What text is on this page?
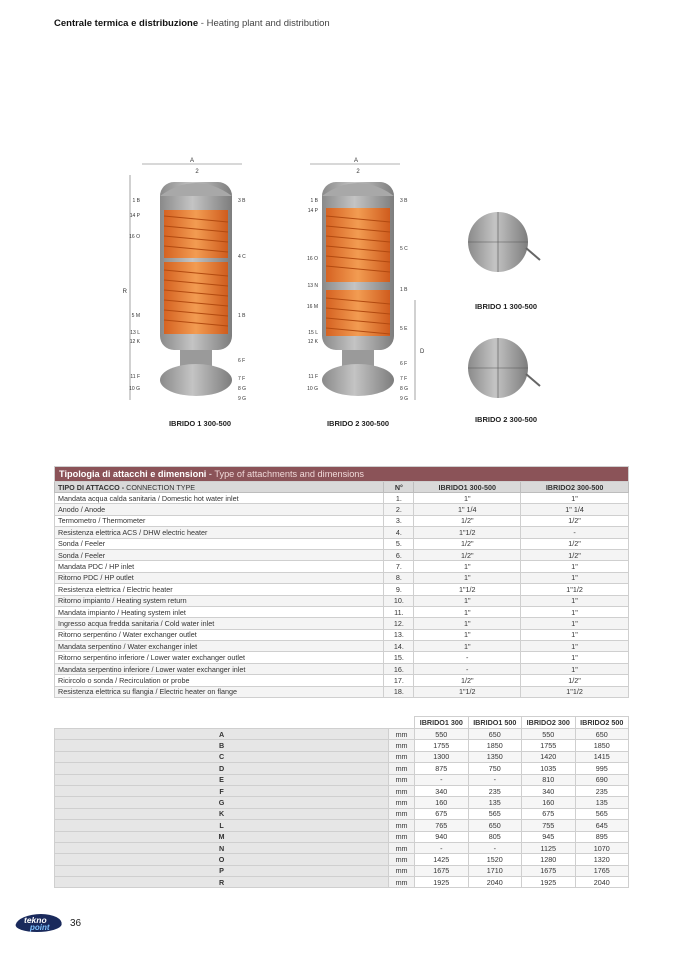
Centrale termica e distribuzione - Heating plant and distribution
A
2
R
IBRIDO 1 300-500
A
2
D
IBRIDO 2 300-500
IBRIDO 1 300-500
IBRIDO 2 300-500
1 B	3 B
14 P
16 O
4 C
5 M	1 B
13 L
12 K
6 F
11 F	7 F
10 G	8 G
9 G
1 B	3 B
14 P
5 C
16 O
13 N
16 M
1 B
15 L
12 K
5 E
6 F
11 F	7 F
10 G	8 G
9 G
Tipologia di attacchi e dimensioni - Type of attachments and dimensions			
TIPO DI ATTACCO - CONNECTION TYPE	N°	IBRIDO1 300-500	IBRIDO2 300-500
Mandata acqua calda sanitaria / Domestic hot water inlet	1.	1"	1"
Anodo / Anode	2.	1" 1/4	1" 1/4
Termometro / Thermometer	3.	1/2"	1/2"
Resistenza elettrica ACS / DHW electric heater	4.	1"1/2	-
Sonda / Feeler	5.	1/2"	1/2"
Sonda / Feeler	6.	1/2"	1/2"
Mandata PDC / HP inlet	7.	1"	1"
Ritorno PDC / HP outlet	8.	1"	1"
Resistenza elettrica / Electric heater	9.	1"1/2	1"1/2
Ritorno impianto / Heating system return	10.	1"	1"
Mandata impianto / Heating system inlet	11.	1"	1"
Ingresso acqua fredda sanitaria / Cold water inlet	12.	1"	1"
Ritorno serpentino / Water exchanger outlet	13.	1"	1"
Mandata serpentino / Water exchanger inlet	14.	1"	1"
Ritorno serpentino inferiore / Lower water exchanger outlet	15.	-	1"
Mandata serpentino inferiore / Lower water exchanger inlet	16.	-	1"
Ricircolo o sonda / Recirculation or probe	17.	1/2"	1/2"
Resistenza elettrica su flangia / Electric heater on flange	18.	1"1/2	1"1/2
		IBRIDO1 300	IBRIDO1 500	IBRIDO2 300	IBRIDO2 500
A	mm	550	650	550	650
B	mm	1755	1850	1755	1850
C	mm	1300	1350	1420	1415
D	mm	875	750	1035	995
E	mm	-	-	810	690
F	mm	340	235	340	235
G	mm	160	135	160	135
K	mm	675	565	675	565
L	mm	765	650	755	645
M	mm	940	805	945	895
N	mm	-	-	1125	1070
O	mm	1425	1520	1280	1320
P	mm	1675	1710	1675	1765
R	mm	1925	2040	1925	2040
tekno
point 36
